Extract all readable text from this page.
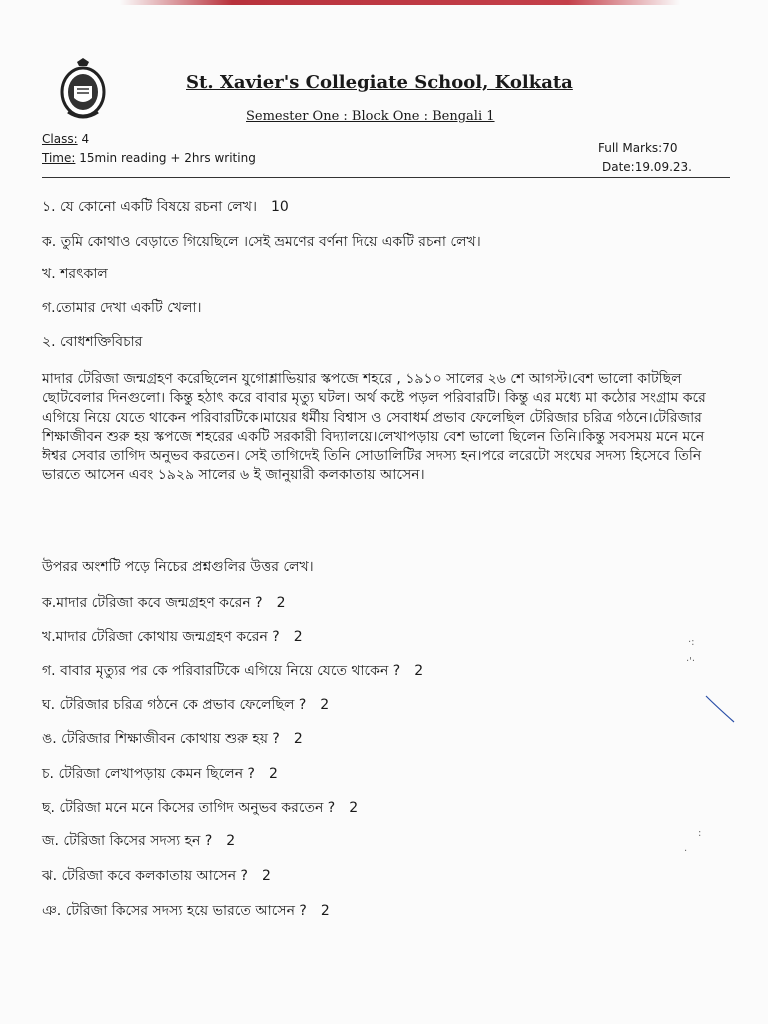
St. Xavier's Collegiate School, Kolkata
Semester One : Block One : Bengali 1
Class: 4
Time: 15min reading + 2hrs writing
Full Marks:70
Date:19.09.23.
১. যে কোনো একটি বিষয়ে রচনা লেখ। 10
ক. তুমি কোথাও বেড়াতে গিয়েছিলে ।সেই ভ্রমণের বর্ণনা দিয়ে একটি রচনা লেখ।
খ. শরৎকাল
গ.তোমার দেখা একটি খেলা।
২. বোধশক্তিবিচার

মাদার টেরিজা জন্মগ্রহণ করেছিলেন যুগোশ্লাভিয়ার স্কপজে শহরে , ১৯১০ সালের ২৬ শে আগস্ট।বেশ ভালো কাটছিল ছোটবেলার দিনগুলো। কিন্তু হঠাৎ করে বাবার মৃত্যু ঘটল। অর্থ কষ্টে পড়ল পরিবারটি। কিন্তু এর মধ্যে মা কঠোর সংগ্রাম করে এগিয়ে নিয়ে যেতে থাকেন পরিবারটিকে।মায়ের ধর্মীয় বিশ্বাস ও সেবাধর্ম প্রভাব ফেলেছিল টেরিজার চরিত্র গঠনে।টেরিজার শিক্ষাজীবন শুরু হয় স্কপজে শহরের একটি সরকারী বিদ্যালয়ে।লেখাপড়ায় বেশ ভালো ছিলেন তিনি।কিন্তু সবসময় মনে মনে ঈশ্বর সেবার তাগিদ অনুভব করতেন। সেই তাগিদেই তিনি সোডালিটির সদস্য হন।পরে লরেটো সংঘের সদস্য হিসেবে তিনি ভারতে আসেন এবং ১৯২৯ সালের ৬ ই জানুয়ারী কলকাতায় আসেন।

উপরর অংশটি পড়ে নিচের প্রশ্নগুলির উত্তর লেখ।
ক.মাদার টেরিজা কবে জন্মগ্রহণ করেন ? 2
খ.মাদার টেরিজা কোথায় জন্মগ্রহণ করেন ? 2
গ. বাবার মৃত্যুর পর কে পরিবারটিকে এগিয়ে নিয়ে যেতে থাকেন ? 2
ঘ. টেরিজার চরিত্র গঠনে কে প্রভাব ফেলেছিল ? 2
ঙ. টেরিজার শিক্ষাজীবন কোথায় শুরু হয় ? 2
চ. টেরিজা লেখাপড়ায় কেমন ছিলেন ? 2
ছ. টেরিজা মনে মনে কিসের তাগিদ অনুভব করতেন ? 2
জ. টেরিজা কিসের সদস্য হন ? 2
ঝ. টেরিজা কবে কলকাতায় আসেন ? 2
ঞ. টেরিজা কিসের সদস্য হয়ে ভারতে আসেন ? 2
·:
·'·
:
·
